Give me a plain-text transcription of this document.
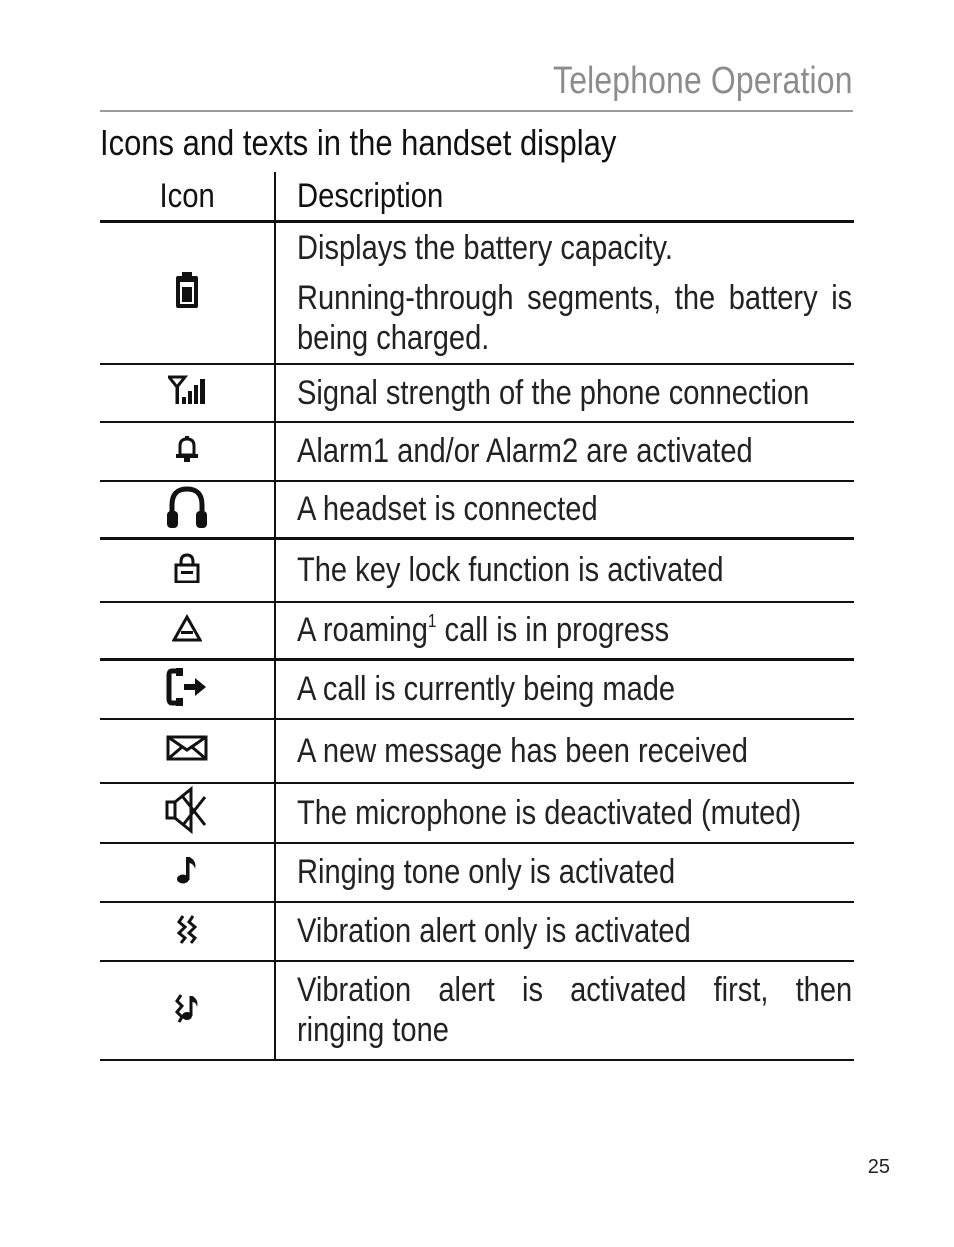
Telephone Operation
Icons and texts in the handset display
Icon	Description

Displays the battery capacity.
Running-through segments, the battery is being charged.

Signal strength of the phone connection

Alarm1 and/or Alarm2 are activated

A headset is connected

The key lock function is activated

A roaming$^1$ call is in progress

A call is currently being made

A new message has been received

The microphone is deactivated (muted)

Ringing tone only is activated

Vibration alert only is activated

Vibration alert is activated first, then ringing tone
25
